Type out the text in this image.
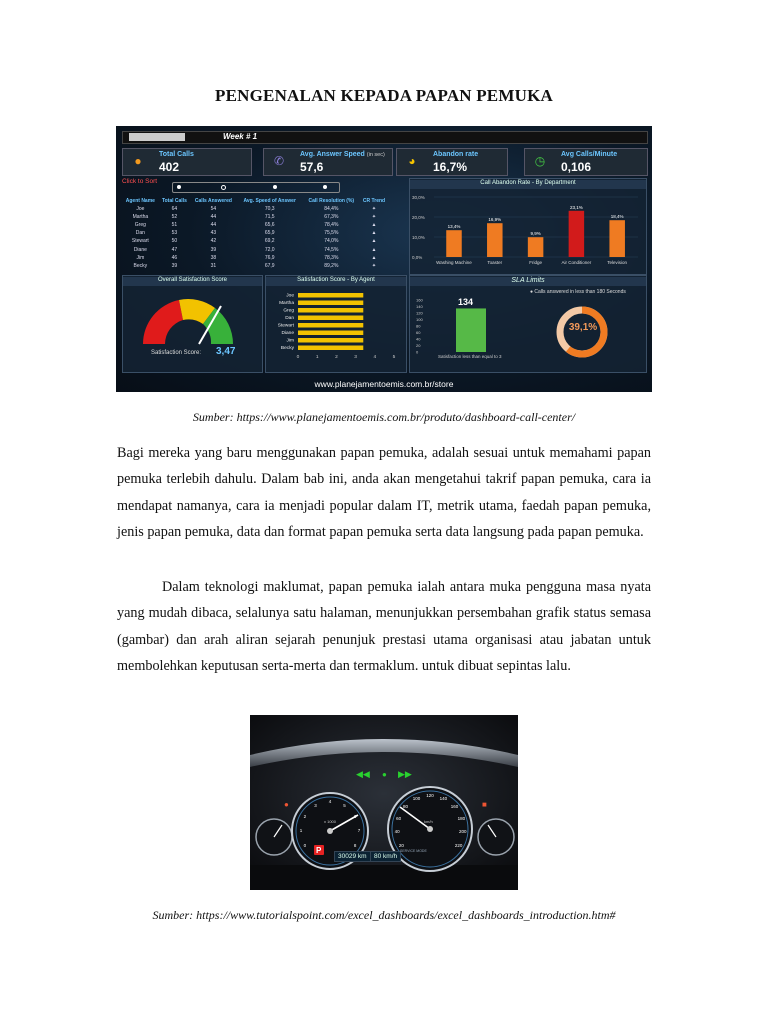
PENGENALAN KEPADA PAPAN PEMUKA
Week # 1
●	Total Calls
402	✆ Avg. Answer Speed (in sec)
57,6	◕	Abandon rate
16,7%	◷ Avg Calls/Minute
0,106
Click to Sort
Agent Name	Total Calls	Calls Answered	Avg. Speed of Answer	Call Resolution (%)	CR Trend
Joe	64	54	70,3	84,4%	✦
Martha	52	44	71,5	67,3%	✦
Greg	51	44	65,6	78,4%	▲
Dan	53	43	65,9	75,5%	▲
Stewart	50	42	69,2	74,0%	▲
Diane	47	39	72,0	74,5%	▲
Jim	46	38	76,9	78,3%	▲
Becky	39	31	67,9	89,2%	✦
Call Abandon Rate - By Department
30,0%
20,0%
10,0%
0,0%
13,4%
Washing Machine
16,9%
Toaster
9,9%
Fridge
23,1%
Air Conditioner
18,4%
Television
Overall Satisfaction Score
Satisfaction Score: 3,47
Satisfaction Score - By Agent
Joe
Martha
Greg
Dan
Stewart
Diane
Jim
Becky
0	1	2	3	4	5
SLA Limits
● Calls answered in less than 180 Seconds
160
140
120
100
80
60
40
20
0
134
Satisfaction less than equal to 3
39,1%
www.planejamentoemis.com.br/store
Sumber: https://www.planejamentoemis.com.br/produto/dashboard-call-center/

Bagi mereka yang baru menggunakan papan pemuka, adalah sesuai untuk memahami papan pemuka terlebih dahulu. Dalam bab ini, anda akan mengetahui takrif papan pemuka, cara ia mendapat namanya, cara ia menjadi popular dalam IT, metrik utama, faedah papan pemuka, jenis papan pemuka, data dan format papan pemuka serta data langsung pada papan pemuka.

Dalam teknologi maklumat, papan pemuka ialah antara muka pengguna masa nyata yang mudah dibaca, selalunya satu halaman, menunjukkan persembahan grafik status semasa (gambar) dan arah aliran sejarah penunjuk prestasi utama organisasi atau jabatan untuk membolehkan keputusan serta-merta dan termaklum. untuk dibuat sepintas lalu.

◀◀ ● ▶▶
●	■
P
30029 km	80 km/h
SERVICE MODE
x 1000	km/h
0
1
2
3
4
5
6
7
8	20
40
60
80
100
120
140
160
180
200
220
Sumber: https://www.tutorialspoint.com/excel_dashboards/excel_dashboards_introduction.htm#
